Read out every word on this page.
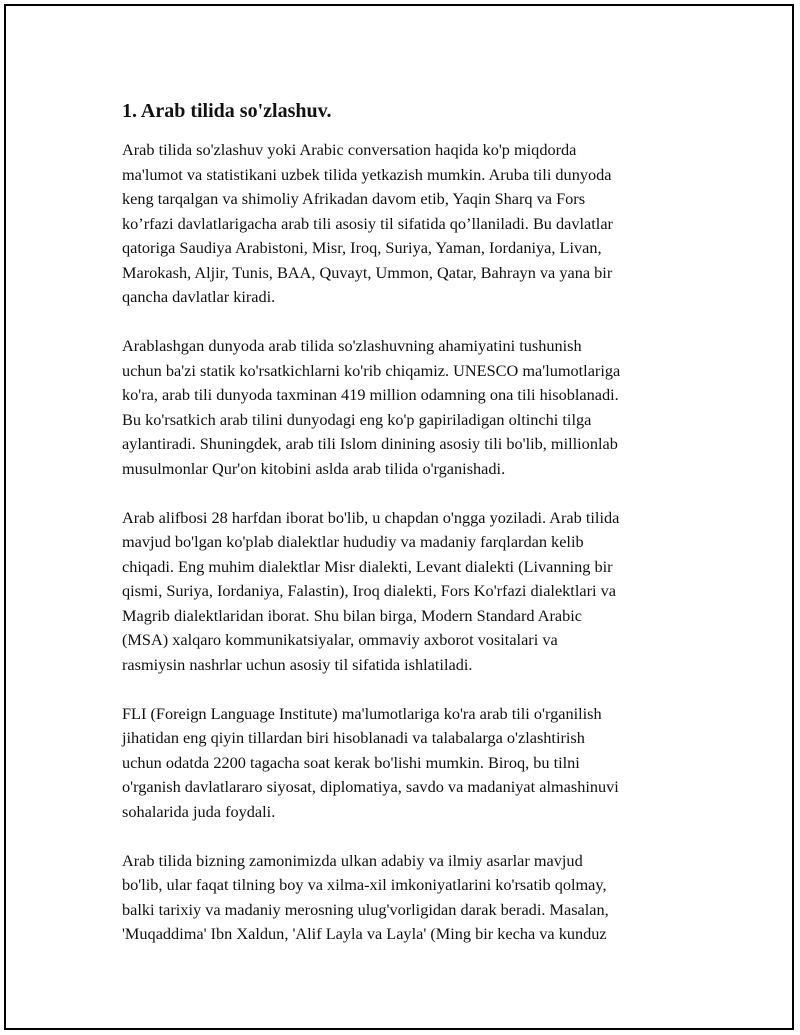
1. Arab tilida so'zlashuv.

Arab tilida so'zlashuv yoki Arabic conversation haqida ko'p miqdorda
ma'lumot va statistikani uzbek tilida yetkazish mumkin. Aruba tili dunyoda
keng tarqalgan va shimoliy Afrikadan davom etib, Yaqin Sharq va Fors
ko’rfazi davlatlarigacha arab tili asosiy til sifatida qo’llaniladi. Bu davlatlar
qatoriga Saudiya Arabistoni, Misr, Iroq, Suriya, Yaman, Iordaniya, Livan,
Marokash, Aljir, Tunis, BAA, Quvayt, Ummon, Qatar, Bahrayn va yana bir
qancha davlatlar kiradi.

Arablashgan dunyoda arab tilida so'zlashuvning ahamiyatini tushunish
uchun ba'zi statik ko'rsatkichlarni ko'rib chiqamiz. UNESCO ma'lumotlariga
ko'ra, arab tili dunyoda taxminan 419 million odamning ona tili hisoblanadi.
Bu ko'rsatkich arab tilini dunyodagi eng ko'p gapiriladigan oltinchi tilga
aylantiradi. Shuningdek, arab tili Islom dinining asosiy tili bo'lib, millionlab
musulmonlar Qur'on kitobini aslda arab tilida o'rganishadi.

Arab alifbosi 28 harfdan iborat bo'lib, u chapdan o'ngga yoziladi. Arab tilida
mavjud bo'lgan ko'plab dialektlar hududiy va madaniy farqlardan kelib
chiqadi. Eng muhim dialektlar Misr dialekti, Levant dialekti (Livanning bir
qismi, Suriya, Iordaniya, Falastin), Iroq dialekti, Fors Ko'rfazi dialektlari va
Magrib dialektlaridan iborat. Shu bilan birga, Modern Standard Arabic
(MSA) xalqaro kommunikatsiyalar, ommaviy axborot vositalari va
rasmiysin nashrlar uchun asosiy til sifatida ishlatiladi.

FLI (Foreign Language Institute) ma'lumotlariga ko'ra arab tili o'rganilish
jihatidan eng qiyin tillardan biri hisoblanadi va talabalarga o'zlashtirish
uchun odatda 2200 tagacha soat kerak bo'lishi mumkin. Biroq, bu tilni
o'rganish davlatlararo siyosat, diplomatiya, savdo va madaniyat almashinuvi
sohalarida juda foydali.

Arab tilida bizning zamonimizda ulkan adabiy va ilmiy asarlar mavjud
bo'lib, ular faqat tilning boy va xilma-xil imkoniyatlarini ko'rsatib qolmay,
balki tarixiy va madaniy merosning ulug'vorligidan darak beradi. Masalan,
'Muqaddima' Ibn Xaldun, 'Alif Layla va Layla' (Ming bir kecha va kunduz
